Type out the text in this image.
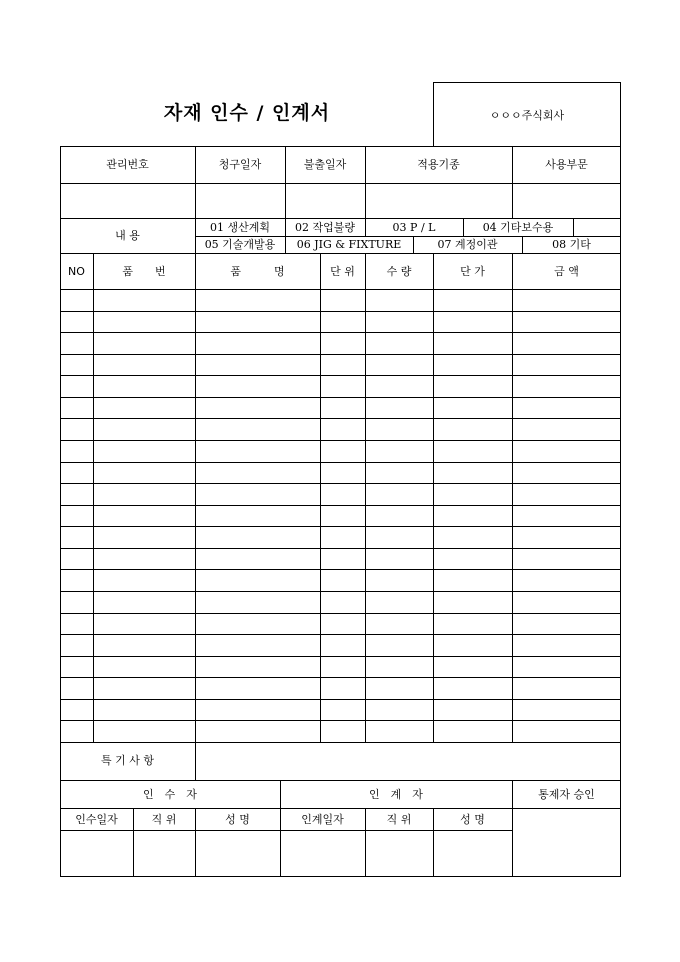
자재 인수 / 인계서	ㅇㅇㅇ주식회사
관리번호	청구일자	불출일자	적용기종	사용부문
내 용
01 생산계획	02 작업불량	03 P / L	04 기타보수용
05 기술개발용	06 JIG & FIXTURE	07 계정이관	08 기타
NO	품　　번	품　　　명	단 위	수 량	단 가	금 액
특 기 사 항
인　수　자	인　계　자	통제자 승인
인수일자	직 위	성 명	인계일자	직 위	성 명
